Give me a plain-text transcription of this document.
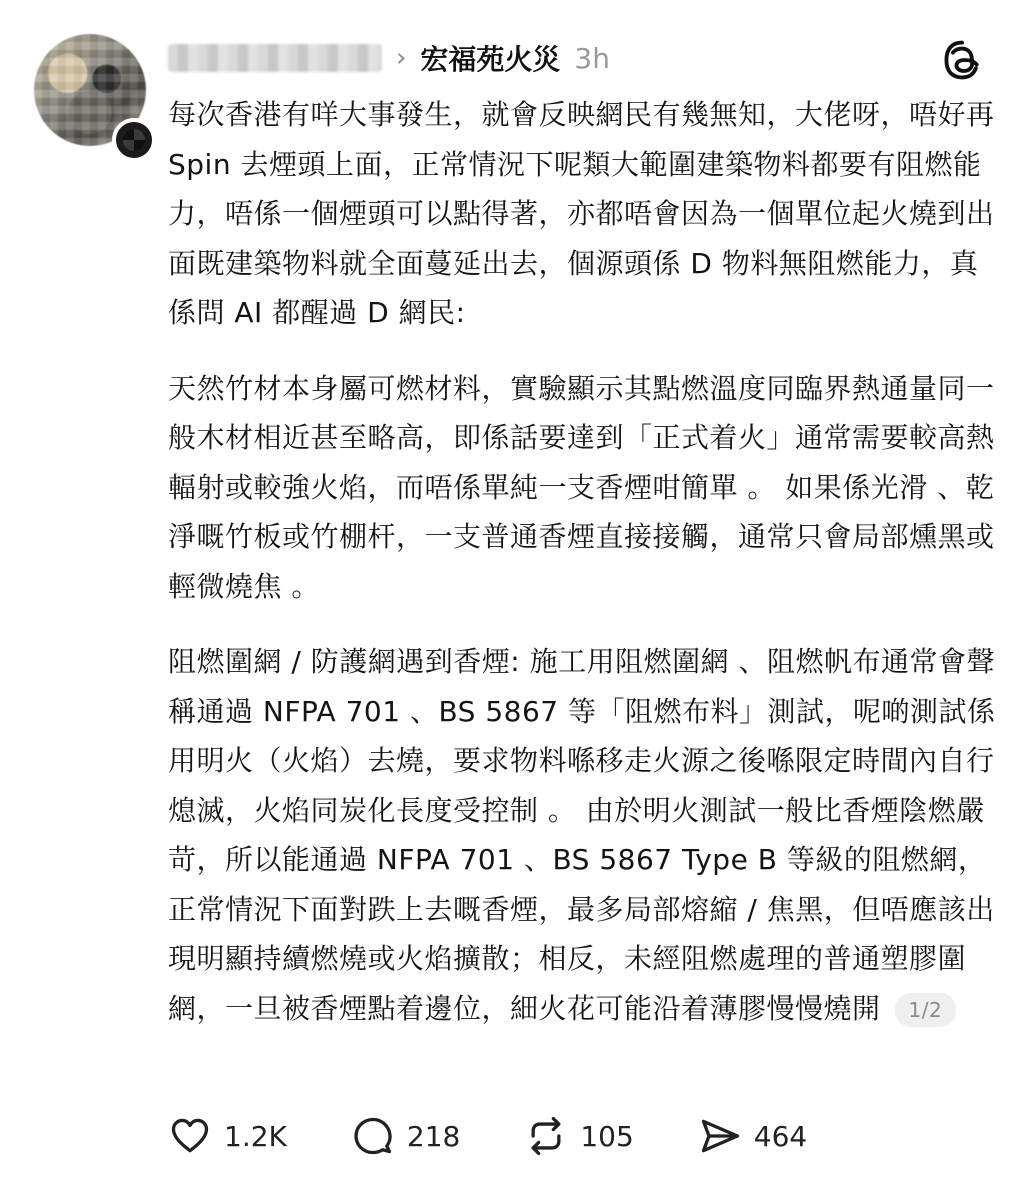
› 宏福苑火災 3h

每次香港有咩大事發生，就會反映網民有幾無知，大佬呀，唔好再 Spin 去煙頭上面，正常情況下呢類大範圍建築物料都要有阻燃能力，唔係一個煙頭可以點得著，亦都唔會因為一個單位起火燒到出面既建築物料就全面蔓延出去，個源頭係 D 物料無阻燃能力，真係問 AI 都醒過 D 網民:

天然竹材本身屬可燃材料，實驗顯示其點燃溫度同臨界熱通量同一般木材相近甚至略高，即係話要達到「正式着火」通常需要較高熱輻射或較強火焰，而唔係單純一支香煙咁簡單 。 如果係光滑 、乾淨嘅竹板或竹棚杆，一支普通香煙直接接觸，通常只會局部燻黑或輕微燒焦 。

阻燃圍網 / 防護網遇到香煙: 施工用阻燃圍網 、阻燃帆布通常會聲稱通過 NFPA 701 、BS 5867 等「阻燃布料」測試，呢啲測試係用明火（火焰）去燒，要求物料喺移走火源之後喺限定時間內自行熄滅，火焰同炭化長度受控制 。 由於明火測試一般比香煙陰燃嚴苛，所以能通過 NFPA 701 、BS 5867 Type B 等級的阻燃網，正常情況下面對跌上去嘅香煙，最多局部熔縮 / 焦黑，但唔應該出現明顯持續燃燒或火焰擴散；相反，未經阻燃處理的普通塑膠圍網，一旦被香煙點着邊位，細火花可能沿着薄膠慢慢燒開 1/2

1.2K	218	105	464
